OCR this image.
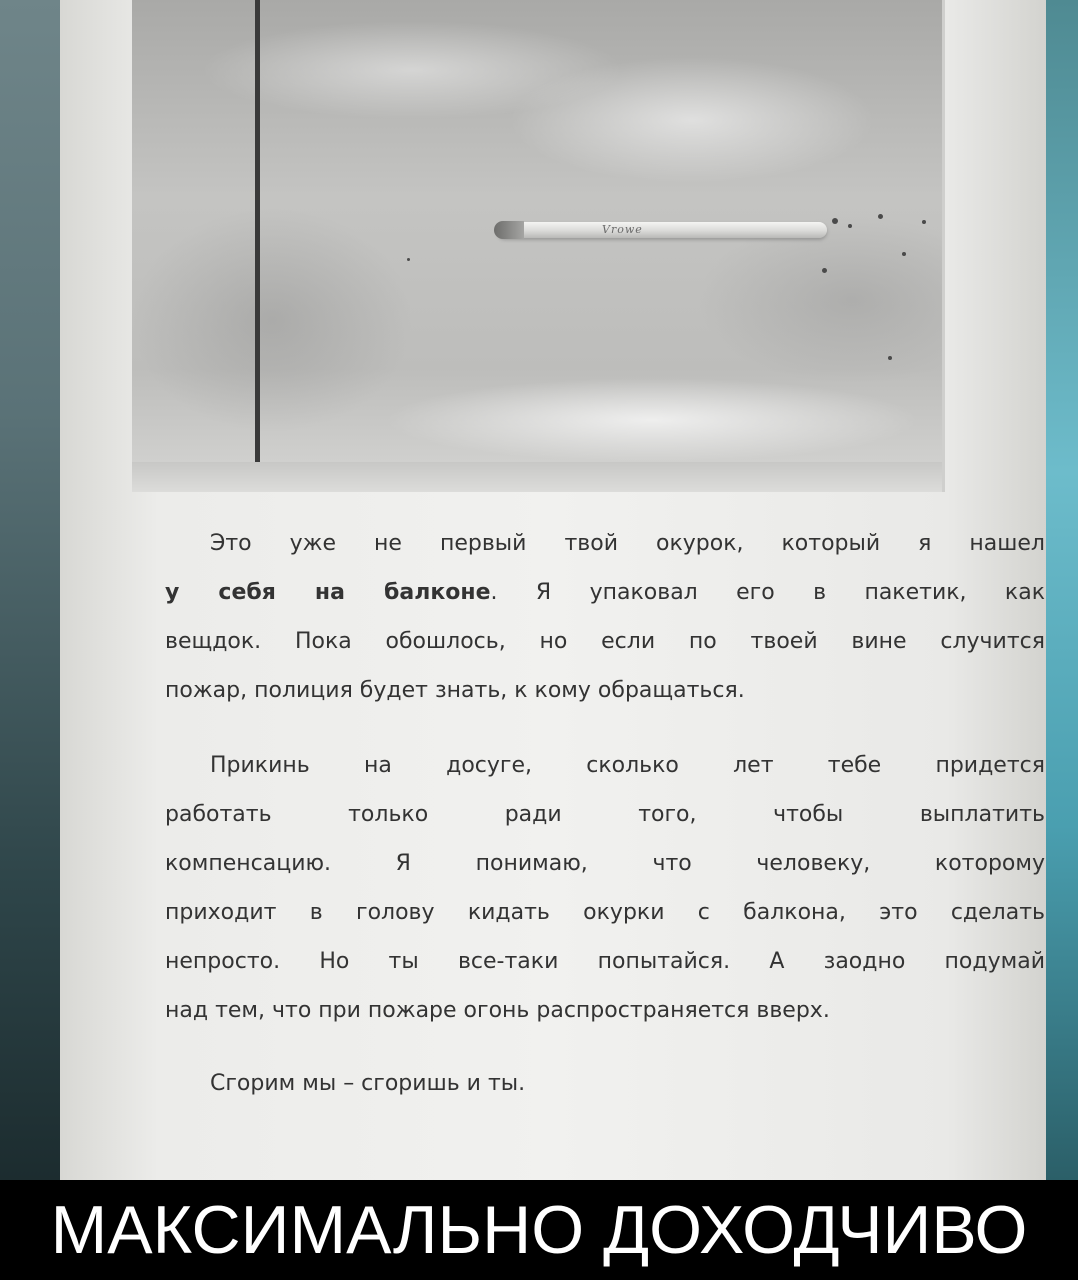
Vrowe
Это уже не первый твой окурок, который я нашел
у себя на балконе. Я упаковал его в пакетик, как
вещдок. Пока обошлось, но если по твоей вине случится
пожар, полиция будет знать, к кому обращаться.
Прикинь на досуге, сколько лет тебе придется
работать только ради того, чтобы выплатить
компенсацию. Я понимаю, что человеку, которому
приходит в голову кидать окурки с балкона, это сделать
непросто. Но ты все-таки попытайся. А заодно подумай
над тем, что при пожаре огонь распространяется вверх.
Сгорим мы – сгоришь и ты.
МАКСИМАЛЬНО ДОХОДЧИВО
